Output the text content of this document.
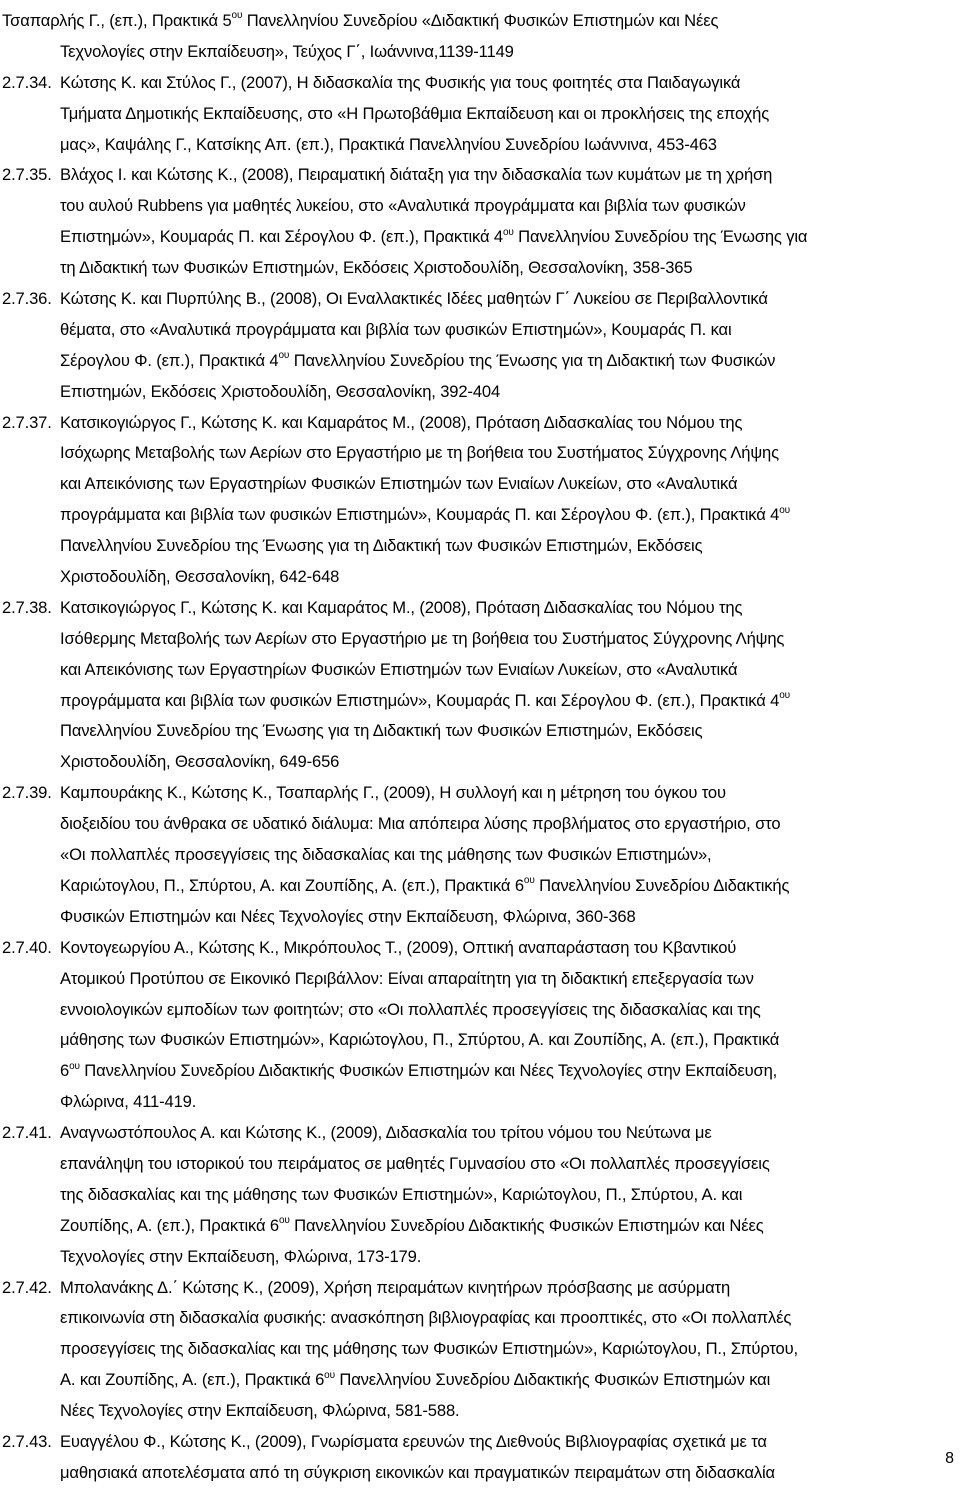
Τσαπαρλής Γ., (επ.), Πρακτικά $5^{o\upsilon}$ Πανελληνίου Συνεδρίου «Διδακτική Φυσικών Επιστημών και Νέες
Τεχνολογίες στην Εκπαίδευση», Τεύχος Γ΄, Ιωάννινα,1139-1149
2.7.34. Κώτσης Κ. και Στύλος Γ., (2007), Η διδασκαλία της Φυσικής για τους φοιτητές στα Παιδαγωγικά
Τμήματα Δημοτικής Εκπαίδευσης, στο «Η Πρωτοβάθμια Εκπαίδευση και οι προκλήσεις της εποχής
μας», Καψάλης Γ., Κατσίκης Απ. (επ.), Πρακτικά Πανελληνίου Συνεδρίου Ιωάννινα, 453-463
2.7.35. Βλάχος Ι. και Κώτσης Κ., (2008), Πειραματική διάταξη για την διδασκαλία των κυμάτων με τη χρήση
του αυλού Rubbens για μαθητές λυκείου, στο «Αναλυτικά προγράμματα και βιβλία των φυσικών
Επιστημών», Κουμαράς Π. και Σέρογλου Φ. (επ.), Πρακτικά $4^{o\upsilon}$ Πανελληνίου Συνεδρίου της Ένωσης για
τη Διδακτική των Φυσικών Επιστημών, Εκδόσεις Χριστοδουλίδη, Θεσσαλονίκη, 358-365
2.7.36. Κώτσης Κ. και Πυρπύλης Β., (2008), Οι Εναλλακτικές Ιδέες μαθητών Γ΄ Λυκείου σε Περιβαλλοντικά
θέματα, στο «Αναλυτικά προγράμματα και βιβλία των φυσικών Επιστημών», Κουμαράς Π. και
Σέρογλου Φ. (επ.), Πρακτικά $4^{o\upsilon}$ Πανελληνίου Συνεδρίου της Ένωσης για τη Διδακτική των Φυσικών
Επιστημών, Εκδόσεις Χριστοδουλίδη, Θεσσαλονίκη, 392-404
2.7.37. Κατσικογιώργος Γ., Κώτσης Κ. και Καμαράτος Μ., (2008), Πρόταση Διδασκαλίας του Νόμου της
Ισόχωρης Μεταβολής των Αερίων στο Εργαστήριο με τη βοήθεια του Συστήματος Σύγχρονης Λήψης
και Απεικόνισης των Εργαστηρίων Φυσικών Επιστημών των Ενιαίων Λυκείων, στο «Αναλυτικά
προγράμματα και βιβλία των φυσικών Επιστημών», Κουμαράς Π. και Σέρογλου Φ. (επ.), Πρακτικά $4^{o\upsilon}$
Πανελληνίου Συνεδρίου της Ένωσης για τη Διδακτική των Φυσικών Επιστημών, Εκδόσεις
Χριστοδουλίδη, Θεσσαλονίκη, 642-648
2.7.38. Κατσικογιώργος Γ., Κώτσης Κ. και Καμαράτος Μ., (2008), Πρόταση Διδασκαλίας του Νόμου της
Ισόθερμης Μεταβολής των Αερίων στο Εργαστήριο με τη βοήθεια του Συστήματος Σύγχρονης Λήψης
και Απεικόνισης των Εργαστηρίων Φυσικών Επιστημών των Ενιαίων Λυκείων, στο «Αναλυτικά
προγράμματα και βιβλία των φυσικών Επιστημών», Κουμαράς Π. και Σέρογλου Φ. (επ.), Πρακτικά $4^{o\upsilon}$
Πανελληνίου Συνεδρίου της Ένωσης για τη Διδακτική των Φυσικών Επιστημών, Εκδόσεις
Χριστοδουλίδη, Θεσσαλονίκη, 649-656
2.7.39. Καμπουράκης Κ., Κώτσης Κ., Τσαπαρλής Γ., (2009), Η συλλογή και η μέτρηση του όγκου του
διοξειδίου του άνθρακα σε υδατικό διάλυμα: Μια απόπειρα λύσης προβλήματος στο εργαστήριο, στο
«Οι πολλαπλές προσεγγίσεις της διδασκαλίας και της μάθησης των Φυσικών Επιστημών»,
Καριώτογλου, Π., Σπύρτου, Α. και Ζουπίδης, Α. (επ.), Πρακτικά $6^{o\upsilon}$ Πανελληνίου Συνεδρίου Διδακτικής
Φυσικών Επιστημών και Νέες Τεχνολογίες στην Εκπαίδευση, Φλώρινα, 360-368
2.7.40. Κοντογεωργίου Α., Κώτσης Κ., Μικρόπουλος Τ., (2009), Οπτική αναπαράσταση του Κβαντικού
Ατομικού Προτύπου σε Εικονικό Περιβάλλον: Είναι απαραίτητη για τη διδακτική επεξεργασία των
εννοιολογικών εμποδίων των φοιτητών; στο «Οι πολλαπλές προσεγγίσεις της διδασκαλίας και της
μάθησης των Φυσικών Επιστημών», Καριώτογλου, Π., Σπύρτου, Α. και Ζουπίδης, Α. (επ.), Πρακτικά
$6^{o\upsilon}$ Πανελληνίου Συνεδρίου Διδακτικής Φυσικών Επιστημών και Νέες Τεχνολογίες στην Εκπαίδευση,
Φλώρινα, 411-419.
2.7.41. Αναγνωστόπουλος Α. και Κώτσης Κ., (2009), Διδασκαλία του τρίτου νόμου του Νεύτωνα με
επανάληψη του ιστορικού του πειράματος σε μαθητές Γυμνασίου στο «Οι πολλαπλές προσεγγίσεις
της διδασκαλίας και της μάθησης των Φυσικών Επιστημών», Καριώτογλου, Π., Σπύρτου, Α. και
Ζουπίδης, Α. (επ.), Πρακτικά $6^{o\upsilon}$ Πανελληνίου Συνεδρίου Διδακτικής Φυσικών Επιστημών και Νέες
Τεχνολογίες στην Εκπαίδευση, Φλώρινα, 173-179.
2.7.42. Μπολανάκης Δ.΄ Κώτσης Κ., (2009), Χρήση πειραμάτων κινητήρων πρόσβασης με ασύρματη
επικοινωνία στη διδασκαλία φυσικής: ανασκόπηση βιβλιογραφίας και προοπτικές, στο «Οι πολλαπλές
προσεγγίσεις της διδασκαλίας και της μάθησης των Φυσικών Επιστημών», Καριώτογλου, Π., Σπύρτου,
Α. και Ζουπίδης, Α. (επ.), Πρακτικά $6^{o\upsilon}$ Πανελληνίου Συνεδρίου Διδακτικής Φυσικών Επιστημών και
Νέες Τεχνολογίες στην Εκπαίδευση, Φλώρινα, 581-588.
2.7.43. Ευαγγέλου Φ., Κώτσης Κ., (2009), Γνωρίσματα ερευνών της Διεθνούς Βιβλιογραφίας σχετικά με τα
μαθησιακά αποτελέσματα από τη σύγκριση εικονικών και πραγματικών πειραμάτων στη διδασκαλία
8
